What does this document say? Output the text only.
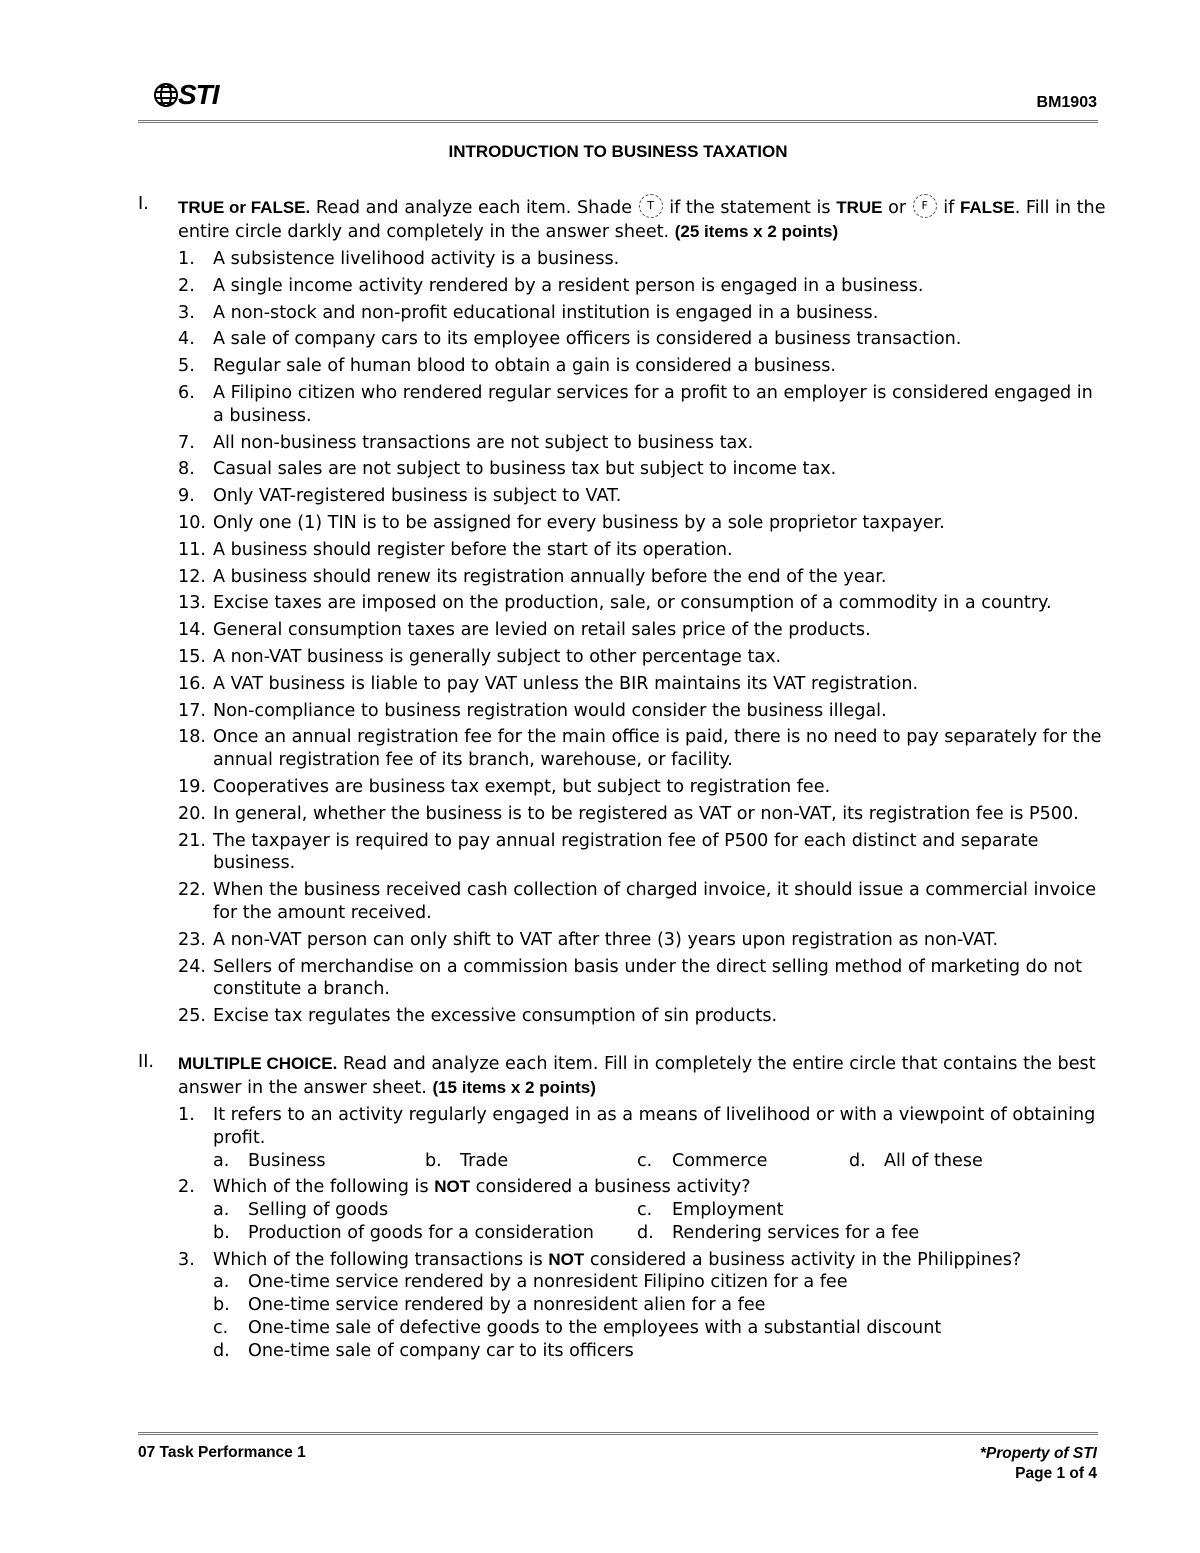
STI	BM1903
INTRODUCTION TO BUSINESS TAXATION
I.	TRUE or FALSE. Read and analyze each item. Shade T if the statement is TRUE or F if FALSE. Fill in the entire circle darkly and completely in the answer sheet. (25 items x 2 points)
1.	A subsistence livelihood activity is a business.
2.	A single income activity rendered by a resident person is engaged in a business.
3.	A non-stock and non-profit educational institution is engaged in a business.
4.	A sale of company cars to its employee officers is considered a business transaction.
5.	Regular sale of human blood to obtain a gain is considered a business.
6.	A Filipino citizen who rendered regular services for a profit to an employer is considered engaged in a business.
7.	All non-business transactions are not subject to business tax.
8.	Casual sales are not subject to business tax but subject to income tax.
9.	Only VAT-registered business is subject to VAT.
10. Only one (1) TIN is to be assigned for every business by a sole proprietor taxpayer.
11. A business should register before the start of its operation.
12. A business should renew its registration annually before the end of the year.
13. Excise taxes are imposed on the production, sale, or consumption of a commodity in a country.
14. General consumption taxes are levied on retail sales price of the products.
15. A non-VAT business is generally subject to other percentage tax.
16. A VAT business is liable to pay VAT unless the BIR maintains its VAT registration.
17. Non-compliance to business registration would consider the business illegal.
18. Once an annual registration fee for the main office is paid, there is no need to pay separately for the annual registration fee of its branch, warehouse, or facility.
19. Cooperatives are business tax exempt, but subject to registration fee.
20. In general, whether the business is to be registered as VAT or non-VAT, its registration fee is P500.
21. The taxpayer is required to pay annual registration fee of P500 for each distinct and separate business.
22. When the business received cash collection of charged invoice, it should issue a commercial invoice for the amount received.
23. A non-VAT person can only shift to VAT after three (3) years upon registration as non-VAT.
24. Sellers of merchandise on a commission basis under the direct selling method of marketing do not constitute a branch.
25. Excise tax regulates the excessive consumption of sin products.
II.	MULTIPLE CHOICE. Read and analyze each item. Fill in completely the entire circle that contains the best answer in the answer sheet. (15 items x 2 points)
1.	It refers to an activity regularly engaged in as a means of livelihood or with a viewpoint of obtaining profit.
a.	Business	b.	Trade	c.	Commerce	d.	All of these
2.	Which of the following is NOT considered a business activity?
a.	Selling of goods
b.	Production of goods for a consideration
c.	Employment
d.	Rendering services for a fee
3.	Which of the following transactions is NOT considered a business activity in the Philippines?
a.	One-time service rendered by a nonresident Filipino citizen for a fee
b.	One-time service rendered by a nonresident alien for a fee
c.	One-time sale of defective goods to the employees with a substantial discount
d.	One-time sale of company car to its officers
07 Task Performance 1	*Property of STI
Page 1 of 4
